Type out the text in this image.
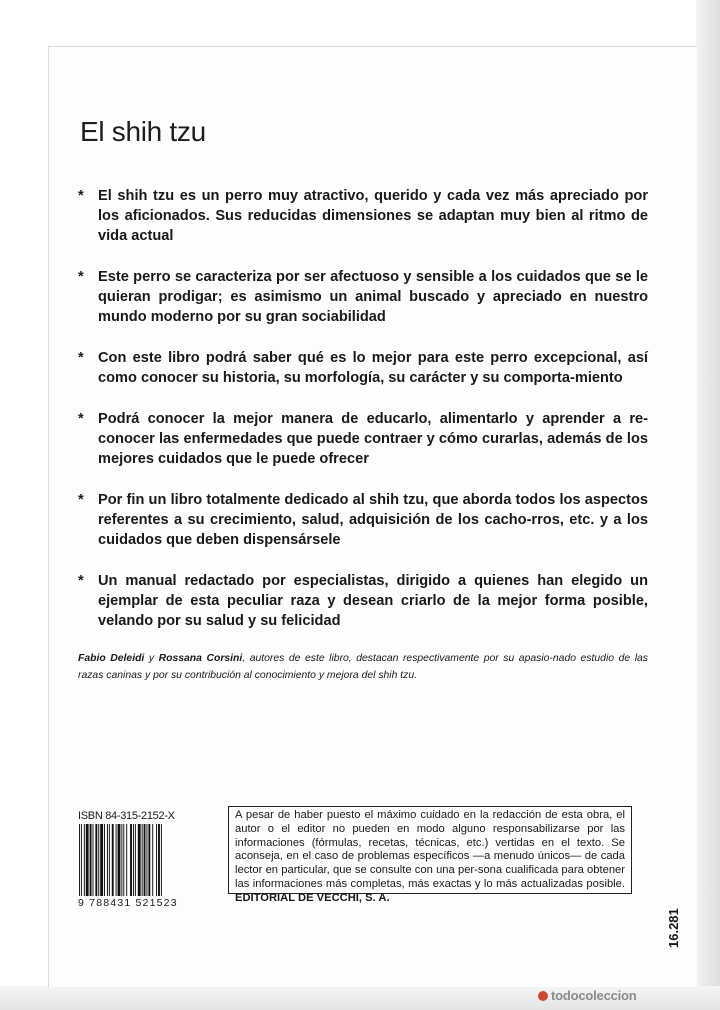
El shih tzu
* El shih tzu es un perro muy atractivo, querido y cada vez más apreciado por los aficionados. Sus reducidas dimensiones se adaptan muy bien al ritmo de vida actual
* Este perro se caracteriza por ser afectuoso y sensible a los cuidados que se le quieran prodigar; es asimismo un animal buscado y apreciado en nuestro mundo moderno por su gran sociabilidad
* Con este libro podrá saber qué es lo mejor para este perro excepcional, así como conocer su historia, su morfología, su carácter y su comporta-miento
* Podrá conocer la mejor manera de educarlo, alimentarlo y aprender a re-conocer las enfermedades que puede contraer y cómo curarlas, además de los mejores cuidados que le puede ofrecer
* Por fin un libro totalmente dedicado al shih tzu, que aborda todos los aspectos referentes a su crecimiento, salud, adquisición de los cacho-rros, etc. y a los cuidados que deben dispensársele
* Un manual redactado por especialistas, dirigido a quienes han elegido un ejemplar de esta peculiar raza y desean criarlo de la mejor forma posible, velando por su salud y su felicidad

Fabio Deleidi y Rossana Corsini, autores de este libro, destacan respectivamente por su apasio-nado estudio de las razas caninas y por su contribución al conocimiento y mejora del shih tzu.

ISBN 84-315-2152-X
9 788431 521523
A pesar de haber puesto el máximo cuidado en la redacción de esta obra, el autor o el editor no pueden en modo alguno responsabilizarse por las informaciones (fórmulas, recetas, técnicas, etc.) vertidas en el texto. Se aconseja, en el caso de problemas específicos —a menudo únicos— de cada lector en particular, que se consulte con una per-sona cualificada para obtener las informaciones más completas, más exactas y lo más actualizadas posible. EDITORIAL DE VECCHI, S. A.
16.281
todocoleccion
